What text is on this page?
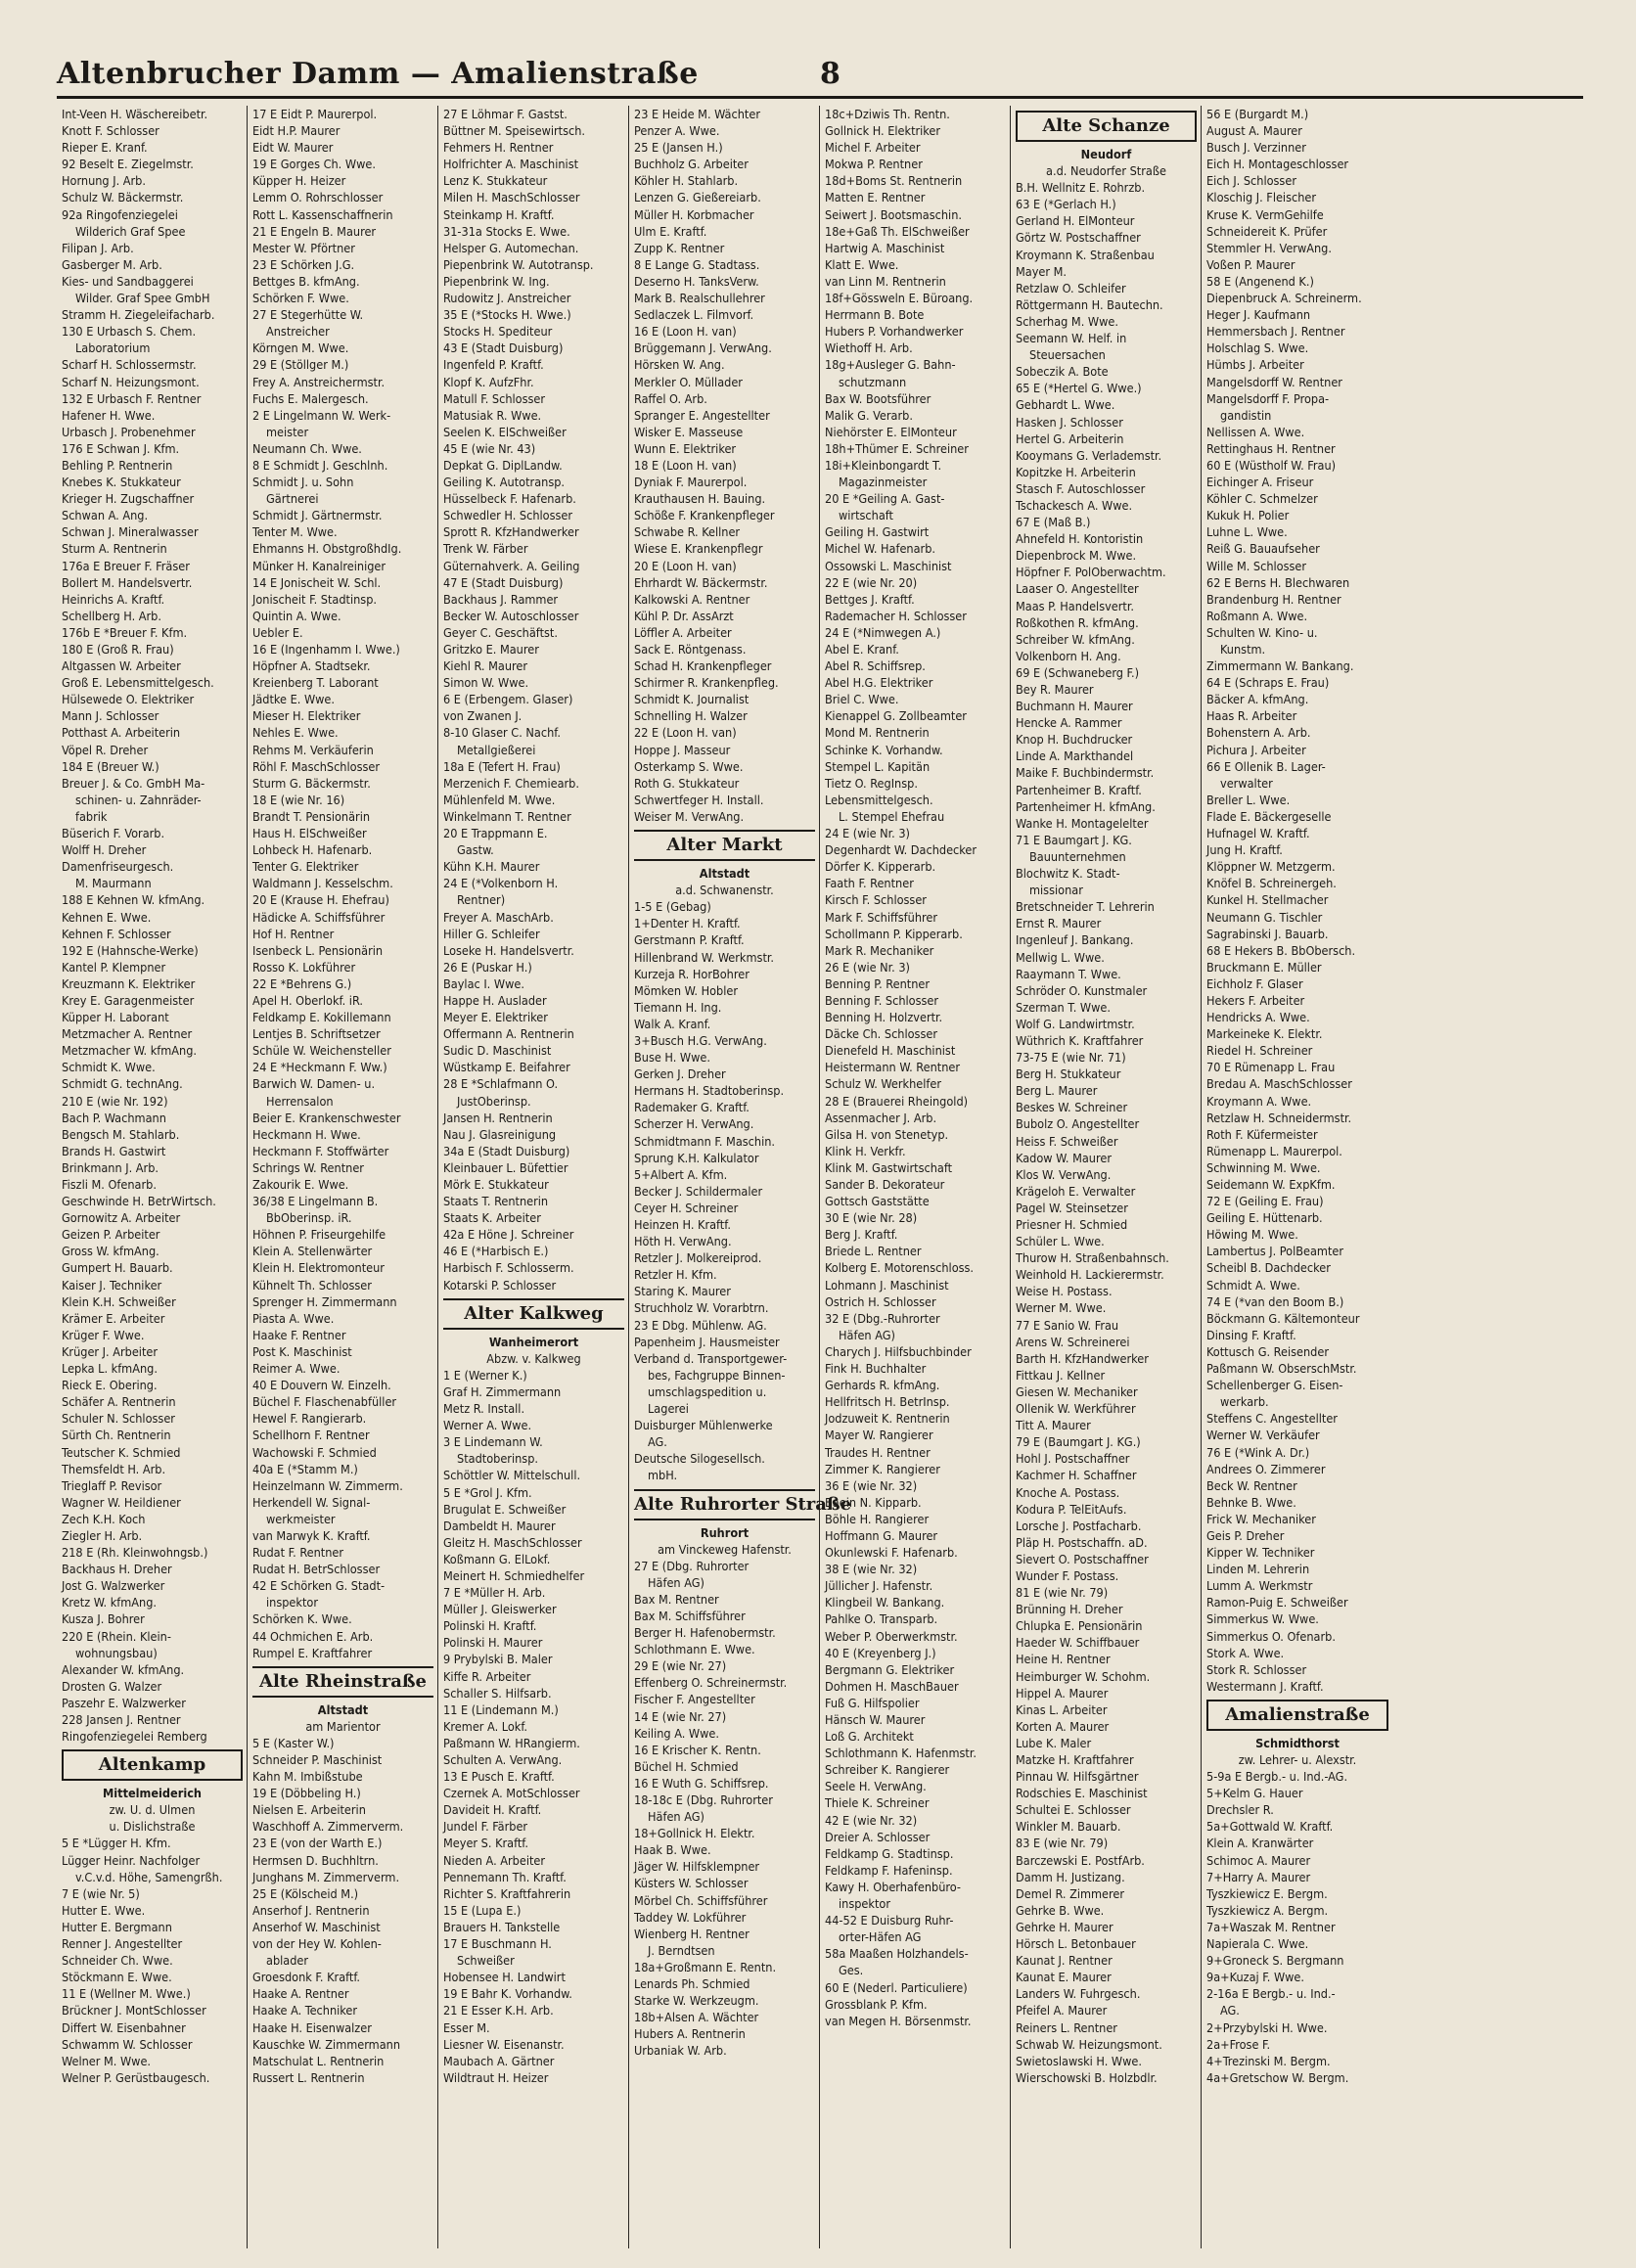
Altenbrucher Damm — Amalienstraße	8
Int-Veen H. Wäschereibetr.
Knott F. Schlosser
Rieper E. Kranf.
92 Beselt E. Ziegelmstr.
Hornung J. Arb.
Schulz W. Bäckermstr.
92a Ringofenziegelei
Wilderich Graf Spee
Filipan J. Arb.
Gasberger M. Arb.
Kies- und Sandbaggerei
Wilder. Graf Spee GmbH
Stramm H. Ziegeleifacharb.
130 E Urbasch S. Chem.
Laboratorium
Scharf H. Schlossermstr.
Scharf N. Heizungsmont.
132 E Urbasch F. Rentner
Hafener H. Wwe.
Urbasch J. Probenehmer
176 E Schwan J. Kfm.
Behling P. Rentnerin
Knebes K. Stukkateur
Krieger H. Zugschaffner
Schwan A. Ang.
Schwan J. Mineralwasser
Sturm A. Rentnerin
176a E Breuer F. Fräser
Bollert M. Handelsvertr.
Heinrichs A. Kraftf.
Schellberg H. Arb.
176b E *Breuer F. Kfm.
180 E (Groß R. Frau)
Altgassen W. Arbeiter
Groß E. Lebensmittelgesch.
Hülsewede O. Elektriker
Mann J. Schlosser
Potthast A. Arbeiterin
Vöpel R. Dreher
184 E (Breuer W.)
Breuer J. & Co. GmbH Ma-
schinen- u. Zahnräder-
fabrik
Büserich F. Vorarb.
Wolff H. Dreher
Damenfriseurgesch.
M. Maurmann
188 E Kehnen W. kfmAng.
Kehnen E. Wwe.
Kehnen F. Schlosser
192 E (Hahnsche-Werke)
Kantel P. Klempner
Kreuzmann K. Elektriker
Krey E. Garagenmeister
Küpper H. Laborant
Metzmacher A. Rentner
Metzmacher W. kfmAng.
Schmidt K. Wwe.
Schmidt G. technAng.
210 E (wie Nr. 192)
Bach P. Wachmann
Bengsch M. Stahlarb.
Brands H. Gastwirt
Brinkmann J. Arb.
Fiszli M. Ofenarb.
Geschwinde H. BetrWirtsch.
Gornowitz A. Arbeiter
Geizen P. Arbeiter
Gross W. kfmAng.
Gumpert H. Bauarb.
Kaiser J. Techniker
Klein K.H. Schweißer
Krämer E. Arbeiter
Krüger F. Wwe.
Krüger J. Arbeiter
Lepka L. kfmAng.
Rieck E. Obering.
Schäfer A. Rentnerin
Schuler N. Schlosser
Sürth Ch. Rentnerin
Teutscher K. Schmied
Themsfeldt H. Arb.
Trieglaff P. Revisor
Wagner W. Heildiener
Zech K.H. Koch
Ziegler H. Arb.
218 E (Rh. Kleinwohngsb.)
Backhaus H. Dreher
Jost G. Walzwerker
Kretz W. kfmAng.
Kusza J. Bohrer
220 E (Rhein. Klein-
wohnungsbau)
Alexander W. kfmAng.
Drosten G. Walzer
Paszehr E. Walzwerker
228 Jansen J. Rentner
Ringofenziegelei Remberg
Altenkamp
Mittelmeiderich
zw. U. d. Ulmen
u. Dislichstraße
5 E *Lügger H. Kfm.
Lügger Heinr. Nachfolger
v.C.v.d. Höhe, Samengrßh.
7 E (wie Nr. 5)
Hutter E. Wwe.
Hutter E. Bergmann
Renner J. Angestellter
Schneider Ch. Wwe.
Stöckmann E. Wwe.
11 E (Wellner M. Wwe.)
Brückner J. MontSchlosser
Differt W. Eisenbahner
Schwamm W. Schlosser
Welner M. Wwe.
Welner P. Gerüstbaugesch.
17 E Eidt P. Maurerpol.
Eidt H.P. Maurer
Eidt W. Maurer
19 E Gorges Ch. Wwe.
Küpper H. Heizer
Lemm O. Rohrschlosser
Rott L. Kassenschaffnerin
21 E Engeln B. Maurer
Mester W. Pförtner
23 E Schörken J.G.
Bettges B. kfmAng.
Schörken F. Wwe.
27 E Stegerhütte W.
Anstreicher
Körngen M. Wwe.
29 E (Stöllger M.)
Frey A. Anstreichermstr.
Fuchs E. Malergesch.
2 E Lingelmann W. Werk-
meister
Neumann Ch. Wwe.
8 E Schmidt J. Geschlnh.
Schmidt J. u. Sohn
Gärtnerei
Schmidt J. Gärtnermstr.
Tenter M. Wwe.
Ehmanns H. ObstgroßhdIg.
Münker H. Kanalreiniger
14 E Jonischeit W. Schl.
Jonischeit F. Stadtinsp.
Quintin A. Wwe.
Uebler E.
16 E (Ingenhamm I. Wwe.)
Höpfner A. Stadtsekr.
Kreienberg T. Laborant
Jädtke E. Wwe.
Mieser H. Elektriker
Nehles E. Wwe.
Rehms M. Verkäuferin
Röhl F. MaschSchlosser
Sturm G. Bäckermstr.
18 E (wie Nr. 16)
Brandt T. Pensionärin
Haus H. ElSchweißer
Lohbeck H. Hafenarb.
Tenter G. Elektriker
Waldmann J. Kesselschm.
20 E (Krause H. Ehefrau)
Hädicke A. Schiffsführer
Hof H. Rentner
Isenbeck L. Pensionärin
Rosso K. Lokführer
22 E *Behrens G.)
Apel H. Oberlokf. iR.
Feldkamp E. Kokillemann
Lentjes B. Schriftsetzer
Schüle W. Weichensteller
24 E *Heckmann F. Ww.)
Barwich W. Damen- u.
Herrensalon
Beier E. Krankenschwester
Heckmann H. Wwe.
Heckmann F. Stoffwärter
Schrings W. Rentner
Zakourik E. Wwe.
36/38 E Lingelmann B.
BbOberinsp. iR.
Höhnen P. Friseurgehilfe
Klein A. Stellenwärter
Klein H. Elektromonteur
Kühnelt Th. Schlosser
Sprenger H. Zimmermann
Piasta A. Wwe.
Haake F. Rentner
Post K. Maschinist
Reimer A. Wwe.
40 E Douvern W. Einzelh.
Büchel F. Flaschenabfüller
Hewel F. Rangierarb.
Schellhorn F. Rentner
Wachowski F. Schmied
40a E (*Stamm M.)
Heinzelmann W. Zimmerm.
Herkendell W. Signal-
werkmeister
van Marwyk K. Kraftf.
Rudat F. Rentner
Rudat H. BetrSchlosser
42 E Schörken G. Stadt-
inspektor
Schörken K. Wwe.
44 Ochmichen E. Arb.
Rumpel E. Kraftfahrer
Alte Rheinstraße
Altstadt
am Marientor
5 E (Kaster W.)
Schneider P. Maschinist
Kahn M. Imbißstube
19 E (Döbbeling H.)
Nielsen E. Arbeiterin
Waschhoff A. Zimmerverm.
23 E (von der Warth E.)
Hermsen D. Buchhltrn.
Junghans M. Zimmerverm.
25 E (Kölscheid M.)
Anserhof J. Rentnerin
Anserhof W. Maschinist
von der Hey W. Kohlen-
ablader
Groesdonk F. Kraftf.
Haake A. Rentner
Haake A. Techniker
Haake H. Eisenwalzer
Kauschke W. Zimmermann
Matschulat L. Rentnerin
Russert L. Rentnerin
27 E Löhmar F. Gastst.
Büttner M. Speisewirtsch.
Fehmers H. Rentner
Holfrichter A. Maschinist
Lenz K. Stukkateur
Milen H. MaschSchlosser
Steinkamp H. Kraftf.
31-31a Stocks E. Wwe.
Helsper G. Automechan.
Piepenbrink W. Autotransp.
Piepenbrink W. Ing.
Rudowitz J. Anstreicher
35 E (*Stocks H. Wwe.)
Stocks H. Spediteur
43 E (Stadt Duisburg)
Ingenfeld P. Kraftf.
Klopf K. AufzFhr.
Matull F. Schlosser
Matusiak R. Wwe.
Seelen K. ElSchweißer
45 E (wie Nr. 43)
Depkat G. DiplLandw.
Geiling K. Autotransp.
Hüsselbeck F. Hafenarb.
Schwedler H. Schlosser
Sprott R. KfzHandwerker
Trenk W. Färber
Güternahverk. A. Geiling
47 E (Stadt Duisburg)
Backhaus J. Rammer
Becker W. Autoschlosser
Geyer C. Geschäftst.
Gritzko E. Maurer
Kiehl R. Maurer
Simon W. Wwe.
6 E (Erbengem. Glaser)
von Zwanen J.
8-10 Glaser C. Nachf.
Metallgießerei
18a E (Tefert H. Frau)
Merzenich F. Chemiearb.
Mühlenfeld M. Wwe.
Winkelmann T. Rentner
20 E Trappmann E.
Gastw.
Kühn K.H. Maurer
24 E (*Volkenborn H.
Rentner)
Freyer A. MaschArb.
Hiller G. Schleifer
Loseke H. Handelsvertr.
26 E (Puskar H.)
Baylac I. Wwe.
Happe H. Auslader
Meyer E. Elektriker
Offermann A. Rentnerin
Sudic D. Maschinist
Wüstkamp E. Beifahrer
28 E *Schlafmann O.
JustOberinsp.
Jansen H. Rentnerin
Nau J. Glasreinigung
34a E (Stadt Duisburg)
Kleinbauer L. Büfettier
Mörk E. Stukkateur
Staats T. Rentnerin
Staats K. Arbeiter
42a E Höne J. Schreiner
46 E (*Harbisch E.)
Harbisch F. Schlosserm.
Kotarski P. Schlosser
Alter Kalkweg
Wanheimerort
Abzw. v. Kalkweg
1 E (Werner K.)
Graf H. Zimmermann
Metz R. Install.
Werner A. Wwe.
3 E Lindemann W.
Stadtoberinsp.
Schöttler W. Mittelschull.
5 E *Grol J. Kfm.
Brugulat E. Schweißer
Dambeldt H. Maurer
Gleitz H. MaschSchlosser
Koßmann G. ElLokf.
Meinert H. Schmiedhelfer
7 E *Müller H. Arb.
Müller J. Gleiswerker
Polinski H. Kraftf.
Polinski H. Maurer
9 Prybylski B. Maler
Kiffe R. Arbeiter
Schaller S. Hilfsarb.
11 E (Lindemann M.)
Kremer A. Lokf.
Paßmann W. HRangierm.
Schulten A. VerwAng.
13 E Pusch E. Kraftf.
Czernek A. MotSchlosser
Davideit H. Kraftf.
Jundel F. Färber
Meyer S. Kraftf.
Nieden A. Arbeiter
Pennemann Th. Kraftf.
Richter S. Kraftfahrerin
15 E (Lupa E.)
Brauers H. Tankstelle
17 E Buschmann H.
Schweißer
Hobensee H. Landwirt
19 E Bahr K. Vorhandw.
21 E Esser K.H. Arb.
Esser M.
Liesner W. Eisenanstr.
Maubach A. Gärtner
Wildtraut H. Heizer
23 E Heide M. Wächter
Penzer A. Wwe.
25 E (Jansen H.)
Buchholz G. Arbeiter
Köhler H. Stahlarb.
Lenzen G. Gießereiarb.
Müller H. Korbmacher
Ulm E. Kraftf.
Zupp K. Rentner
8 E Lange G. Stadtass.
Deserno H. TanksVerw.
Mark B. Realschullehrer
Sedlaczek L. Filmvorf.
16 E (Loon H. van)
Brüggemann J. VerwAng.
Hörsken W. Ang.
Merkler O. Müllader
Raffel O. Arb.
Spranger E. Angestellter
Wisker E. Masseuse
Wunn E. Elektriker
18 E (Loon H. van)
Dyniak F. Maurerpol.
Krauthausen H. Bauing.
Schöße F. Krankenpfleger
Schwabe R. Kellner
Wiese E. Krankenpflegr
20 E (Loon H. van)
Ehrhardt W. Bäckermstr.
Kalkowski A. Rentner
Kühl P. Dr. AssArzt
Löffler A. Arbeiter
Sack E. Röntgenass.
Schad H. Krankenpfleger
Schirmer R. Krankenpfleg.
Schmidt K. Journalist
Schnelling H. Walzer
22 E (Loon H. van)
Hoppe J. Masseur
Osterkamp S. Wwe.
Roth G. Stukkateur
Schwertfeger H. Install.
Weiser M. VerwAng.
Alter Markt
Altstadt
a.d. Schwanenstr.
1-5 E (Gebag)
1+Denter H. Kraftf.
Gerstmann P. Kraftf.
Hillenbrand W. Werkmstr.
Kurzeja R. HorBohrer
Mömken W. Hobler
Tiemann H. Ing.
Walk A. Kranf.
3+Busch H.G. VerwAng.
Buse H. Wwe.
Gerken J. Dreher
Hermans H. Stadtoberinsp.
Rademaker G. Kraftf.
Scherzer H. VerwAng.
Schmidtmann F. Maschin.
Sprung K.H. Kalkulator
5+Albert A. Kfm.
Becker J. Schildermaler
Ceyer H. Schreiner
Heinzen H. Kraftf.
Höth H. VerwAng.
Retzler J. Molkereiprod.
Retzler H. Kfm.
Staring K. Maurer
Struchholz W. Vorarbtrn.
23 E Dbg. Mühlenw. AG.
Papenheim J. Hausmeister
Verband d. Transportgewer-
bes, Fachgruppe Binnen-
umschlagspedition u.
Lagerei
Duisburger Mühlenwerke
AG.
Deutsche Silogesellsch.
mbH.
Alte Ruhrorter Straße
Ruhrort
am Vinckeweg Hafenstr.
27 E (Dbg. Ruhrorter
Häfen AG)
Bax M. Rentner
Bax M. Schiffsführer
Berger H. Hafenobermstr.
Schlothmann E. Wwe.
29 E (wie Nr. 27)
Effenberg O. Schreinermstr.
Fischer F. Angestellter
14 E (wie Nr. 27)
Keiling A. Wwe.
16 E Krischer K. Rentn.
Büchel H. Schmied
16 E Wuth G. Schiffsrep.
18-18c E (Dbg. Ruhrorter
Häfen AG)
18+Gollnick H. Elektr.
Haak B. Wwe.
Jäger W. Hilfsklempner
Küsters W. Schlosser
Mörbel Ch. Schiffsführer
Taddey W. Lokführer
Wienberg H. Rentner
J. Berndtsen
18a+Großmann E. Rentn.
Lenards Ph. Schmied
Starke W. Werkzeugm.
18b+Alsen A. Wächter
Hubers A. Rentnerin
Urbaniak W. Arb.
18c+Dziwis Th. Rentn.
Gollnick H. Elektriker
Michel F. Arbeiter
Mokwa P. Rentner
18d+Boms St. Rentnerin
Matten E. Rentner
Seiwert J. Bootsmaschin.
18e+Gaß Th. ElSchweißer
Hartwig A. Maschinist
Klatt E. Wwe.
van Linn M. Rentnerin
18f+Gössweln E. Büroang.
Herrmann B. Bote
Hubers P. Vorhandwerker
Wiethoff H. Arb.
18g+Ausleger G. Bahn-
schutzmann
Bax W. Bootsführer
Malik G. Verarb.
Niehörster E. ElMonteur
18h+Thümer E. Schreiner
18i+Kleinbongardt T.
Magazinmeister
20 E *Geiling A. Gast-
wirtschaft
Geiling H. Gastwirt
Michel W. Hafenarb.
Ossowski L. Maschinist
22 E (wie Nr. 20)
Bettges J. Kraftf.
Rademacher H. Schlosser
24 E (*Nimwegen A.)
Abel E. Kranf.
Abel R. Schiffsrep.
Abel H.G. Elektriker
Briel C. Wwe.
Kienappel G. Zollbeamter
Mond M. Rentnerin
Schinke K. Vorhandw.
Stempel L. Kapitän
Tietz O. RegInsp.
Lebensmittelgesch.
L. Stempel Ehefrau
24 E (wie Nr. 3)
Degenhardt W. Dachdecker
Dörfer K. Kipperarb.
Faath F. Rentner
Kirsch F. Schlosser
Mark F. Schiffsführer
Schollmann P. Kipperarb.
Mark R. Mechaniker
26 E (wie Nr. 3)
Benning P. Rentner
Benning F. Schlosser
Benning H. Holzvertr.
Däcke Ch. Schlosser
Dienefeld H. Maschinist
Heistermann W. Rentner
Schulz W. Werkhelfer
28 E (Brauerei Rheingold)
Assenmacher J. Arb.
Gilsa H. von Stenetyp.
Klink H. Verkfr.
Klink M. Gastwirtschaft
Sander B. Dekorateur
Gottsch Gaststätte
30 E (wie Nr. 28)
Berg J. Kraftf.
Briede L. Rentner
Kolberg E. Motorenschloss.
Lohmann J. Maschinist
Ostrich H. Schlosser
32 E (Dbg.-Ruhrorter
Häfen AG)
Charych J. Hilfsbuchbinder
Fink H. Buchhalter
Gerhards R. kfmAng.
Hellfritsch H. BetrInsp.
Jodzuweit K. Rentnerin
Mayer W. Rangierer
Traudes H. Rentner
Zimmer K. Rangierer
36 E (wie Nr. 32)
Baein N. Kipparb.
Böhle H. Rangierer
Hoffmann G. Maurer
Okunlewski F. Hafenarb.
38 E (wie Nr. 32)
Jüllicher J. Hafenstr.
Klingbeil W. Bankang.
Pahlke O. Transparb.
Weber P. Oberwerkmstr.
40 E (Kreyenberg J.)
Bergmann G. Elektriker
Dohmen H. MaschBauer
Fuß G. Hilfspolier
Hänsch W. Maurer
Loß G. Architekt
Schlothmann K. Hafenmstr.
Schreiber K. Rangierer
Seele H. VerwAng.
Thiele K. Schreiner
42 E (wie Nr. 32)
Dreier A. Schlosser
Feldkamp G. Stadtinsp.
Feldkamp F. Hafeninsp.
Kawy H. Oberhafenbüro-
inspektor
44-52 E Duisburg Ruhr-
orter-Häfen AG
58a Maaßen Holzhandels-
Ges.
60 E (Nederl. Particuliere)
Grossblank P. Kfm.
van Megen H. Börsenmstr.
Alte Schanze
Neudorf
a.d. Neudorfer Straße
B.H. Wellnitz E. Rohrzb.
63 E (*Gerlach H.)
Gerland H. ElMonteur
Görtz W. Postschaffner
Kroymann K. Straßenbau
Mayer M.
Retzlaw O. Schleifer
Röttgermann H. Bautechn.
Scherhag M. Wwe.
Seemann W. Helf. in
Steuersachen
Sobeczik A. Bote
65 E (*Hertel G. Wwe.)
Gebhardt L. Wwe.
Hasken J. Schlosser
Hertel G. Arbeiterin
Kooymans G. Verlademstr.
Kopitzke H. Arbeiterin
Stasch F. Autoschlosser
Tschackesch A. Wwe.
67 E (Maß B.)
Ahnefeld H. Kontoristin
Diepenbrock M. Wwe.
Höpfner F. PolOberwachtm.
Laaser O. Angestellter
Maas P. Handelsvertr.
Roßkothen R. kfmAng.
Schreiber W. kfmAng.
Volkenborn H. Ang.
69 E (Schwaneberg F.)
Bey R. Maurer
Buchmann H. Maurer
Hencke A. Rammer
Knop H. Buchdrucker
Linde A. Markthandel
Maike F. Buchbindermstr.
Partenheimer B. Kraftf.
Partenheimer H. kfmAng.
Wanke H. Montagelelter
71 E Baumgart J. KG.
Bauunternehmen
Blochwitz K. Stadt-
missionar
Bretschneider T. Lehrerin
Ernst R. Maurer
Ingenleuf J. Bankang.
Mellwig L. Wwe.
Raaymann T. Wwe.
Schröder O. Kunstmaler
Szerman T. Wwe.
Wolf G. Landwirtmstr.
Wüthrich K. Kraftfahrer
73-75 E (wie Nr. 71)
Berg H. Stukkateur
Berg L. Maurer
Beskes W. Schreiner
Bubolz O. Angestellter
Heiss F. Schweißer
Kadow W. Maurer
Klos W. VerwAng.
Krägeloh E. Verwalter
Pagel W. Steinsetzer
Priesner H. Schmied
Schüler L. Wwe.
Thurow H. Straßenbahnsch.
Weinhold H. Lackierermstr.
Weise H. Postass.
Werner M. Wwe.
77 E Sanio W. Frau
Arens W. Schreinerei
Barth H. KfzHandwerker
Fittkau J. Kellner
Giesen W. Mechaniker
Ollenik W. Werkführer
Titt A. Maurer
79 E (Baumgart J. KG.)
Hohl J. Postschaffner
Kachmer H. Schaffner
Knoche A. Postass.
Kodura P. TelEitAufs.
Lorsche J. Postfacharb.
Pläp H. Postschaffn. aD.
Sievert O. Postschaffner
Wunder F. Postass.
81 E (wie Nr. 79)
Brünning H. Dreher
Chlupka E. Pensionärin
Haeder W. Schiffbauer
Heine H. Rentner
Heimburger W. Schohm.
Hippel A. Maurer
Kinas L. Arbeiter
Korten A. Maurer
Lube K. Maler
Matzke H. Kraftfahrer
Pinnau W. Hilfsgärtner
Rodschies E. Maschinist
Schultei E. Schlosser
Winkler M. Bauarb.
83 E (wie Nr. 79)
Barczewski E. PostfArb.
Damm H. Justizang.
Demel R. Zimmerer
Gehrke B. Wwe.
Gehrke H. Maurer
Hörsch L. Betonbauer
Kaunat J. Rentner
Kaunat E. Maurer
Landers W. Fuhrgesch.
Pfeifel A. Maurer
Reiners L. Rentner
Schwab W. Heizungsmont.
Swietoslawski H. Wwe.
Wierschowski B. Holzbdlr.
56 E (Burgardt M.)
August A. Maurer
Busch J. Verzinner
Eich H. Montageschlosser
Eich J. Schlosser
Kloschig J. Fleischer
Kruse K. VermGehilfe
Schneidereit K. Prüfer
Stemmler H. VerwAng.
Voßen P. Maurer
58 E (Angenend K.)
Diepenbruck A. Schreinerm.
Heger J. Kaufmann
Hemmersbach J. Rentner
Holschlag S. Wwe.
Hümbs J. Arbeiter
Mangelsdorff W. Rentner
Mangelsdorff F. Propa-
gandistin
Nellissen A. Wwe.
Rettinghaus H. Rentner
60 E (Wüstholf W. Frau)
Eichinger A. Friseur
Köhler C. Schmelzer
Kukuk H. Polier
Luhne L. Wwe.
Reiß G. Bauaufseher
Wille M. Schlosser
62 E Berns H. Blechwaren
Brandenburg H. Rentner
Roßmann A. Wwe.
Schulten W. Kino- u.
Kunstm.
Zimmermann W. Bankang.
64 E (Schraps E. Frau)
Bäcker A. kfmAng.
Haas R. Arbeiter
Bohenstern A. Arb.
Pichura J. Arbeiter
66 E Ollenik B. Lager-
verwalter
Breller L. Wwe.
Flade E. Bäckergeselle
Hufnagel W. Kraftf.
Jung H. Kraftf.
Klöppner W. Metzgerm.
Knöfel B. Schreinergeh.
Kunkel H. Stellmacher
Neumann G. Tischler
Sagrabinski J. Bauarb.
68 E Hekers B. BbObersch.
Bruckmann E. Müller
Eichholz F. Glaser
Hekers F. Arbeiter
Hendricks A. Wwe.
Markeineke K. Elektr.
Riedel H. Schreiner
70 E Rümenapp L. Frau
Bredau A. MaschSchlosser
Kroymann A. Wwe.
Retzlaw H. Schneidermstr.
Roth F. Küfermeister
Rümenapp L. Maurerpol.
Schwinning M. Wwe.
Seidemann W. ExpKfm.
72 E (Geiling E. Frau)
Geiling E. Hüttenarb.
Höwing M. Wwe.
Lambertus J. PolBeamter
Scheibl B. Dachdecker
Schmidt A. Wwe.
74 E (*van den Boom B.)
Böckmann G. Kältemonteur
Dinsing F. Kraftf.
Kottusch G. Reisender
Paßmann W. ObserschMstr.
Schellenberger G. Eisen-
werkarb.
Steffens C. Angestellter
Werner W. Verkäufer
76 E (*Wink A. Dr.)
Andrees O. Zimmerer
Beck W. Rentner
Behnke B. Wwe.
Frick W. Mechaniker
Geis P. Dreher
Kipper W. Techniker
Linden M. Lehrerin
Lumm A. Werkmstr
Ramon-Puig E. Schweißer
Simmerkus W. Wwe.
Simmerkus O. Ofenarb.
Stork A. Wwe.
Stork R. Schlosser
Westermann J. Kraftf.
Amalienstraße
Schmidthorst
zw. Lehrer- u. Alexstr.
5-9a E Bergb.- u. Ind.-AG.
5+Kelm G. Hauer
Drechsler R.
5a+Gottwald W. Kraftf.
Klein A. Kranwärter
Schimoc A. Maurer
7+Harry A. Maurer
Tyszkiewicz E. Bergm.
Tyszkiewicz A. Bergm.
7a+Waszak M. Rentner
Napierala C. Wwe.
9+Groneck S. Bergmann
9a+Kuzaj F. Wwe.
2-16a E Bergb.- u. Ind.-
AG.
2+Przybylski H. Wwe.
2a+Frose F.
4+Trezinski M. Bergm.
4a+Gretschow W. Bergm.
